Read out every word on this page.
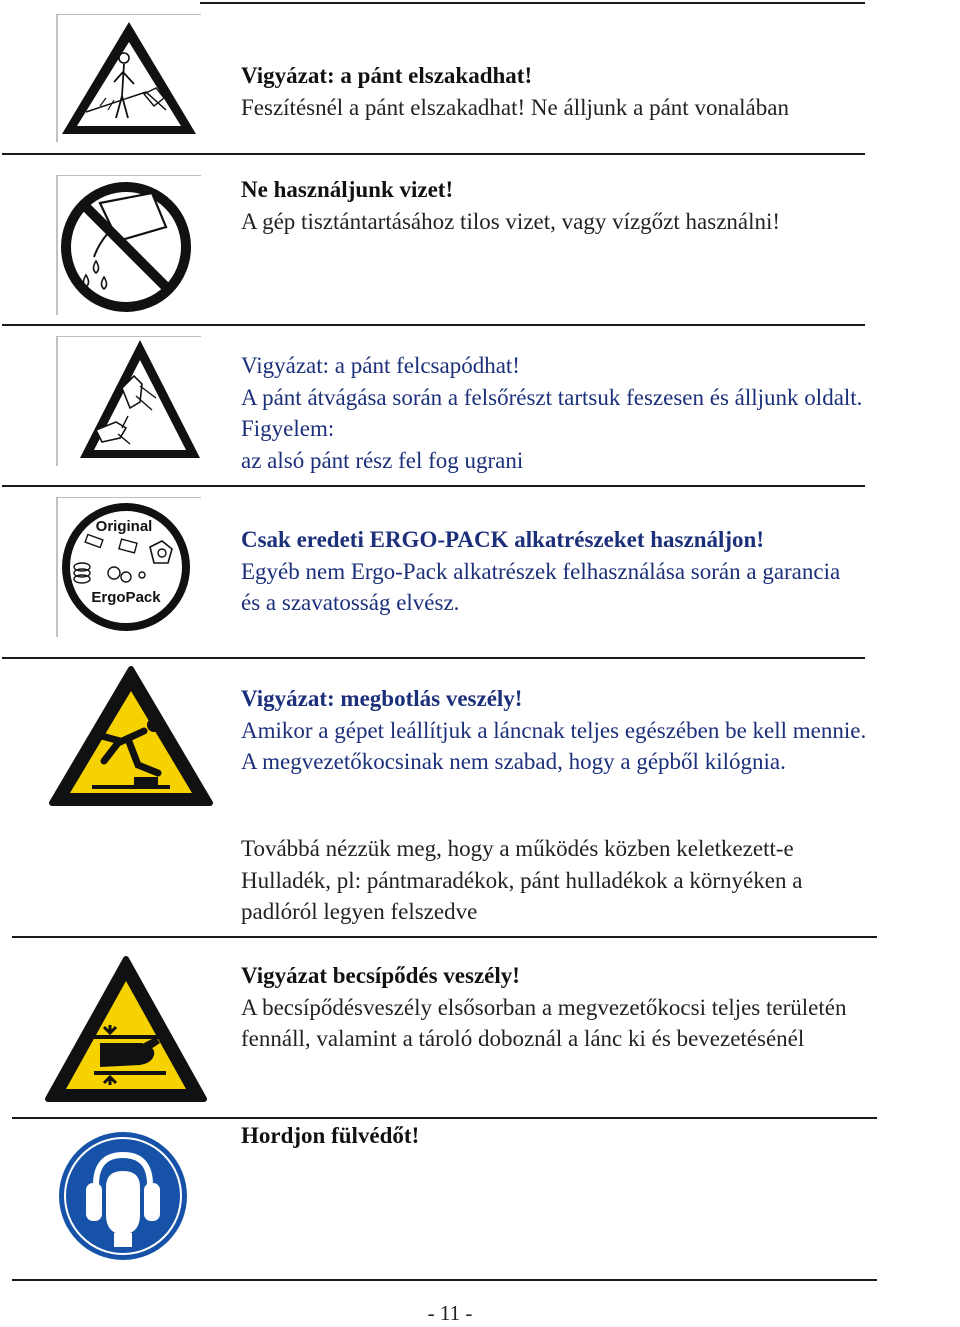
Original
ErgoPack
Vigyázat: a pánt elszakadhat!
Feszítésnél a pánt elszakadhat! Ne álljunk a pánt vonalában
Ne használjunk vizet!
A gép tisztántartásához tilos vizet, vagy vízgőzt használni!
Vigyázat: a pánt felcsapódhat!
A pánt átvágása során a felsőrészt tartsuk feszesen és álljunk oldalt.
Figyelem:
az alsó pánt rész fel fog ugrani
Csak eredeti ERGO-PACK alkatrészeket használjon!
Egyéb nem Ergo-Pack alkatrészek felhasználása során a garancia
és a szavatosság elvész.
Vigyázat: megbotlás veszély!
Amikor a gépet leállítjuk a láncnak teljes egészében be kell mennie.
A megvezetőkocsinak nem szabad, hogy a gépből kilógnia.
Továbbá nézzük meg, hogy a működés közben keletkezett-e
Hulladék, pl: pántmaradékok, pánt hulladékok a környéken a
padlóról legyen felszedve
Vigyázat becsípődés veszély!
A becsípődésveszély elsősorban a megvezetőkocsi teljes területén
fennáll, valamint a tároló doboznál a lánc ki és bevezetésénél
Hordjon fülvédőt!
- 11 -
